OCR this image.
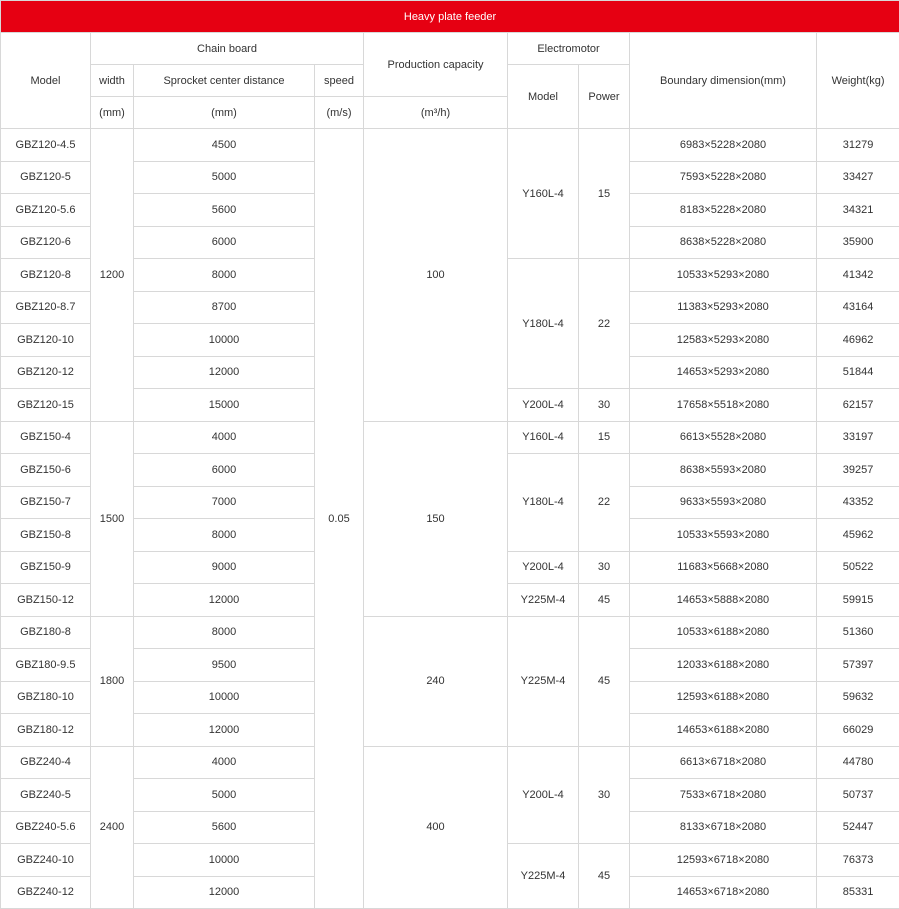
Heavy plate feeder								
Model	Chain board			Production capacity	Electromotor		Boundary dimension(mm)	Weight(kg)
	width	Sprocket center distance	speed		Model	Power		
	(mm)	(mm)	(m/s)	(m³/h)				
GBZ120-4.5	1200	4500	0.05	100	Y160L-4	15	6983×5228×2080	31279
GBZ120-5		5000					7593×5228×2080	33427
GBZ120-5.6		5600					8183×5228×2080	34321
GBZ120-6		6000					8638×5228×2080	35900
GBZ120-8		8000			Y180L-4	22	10533×5293×2080	41342
GBZ120-8.7		8700					11383×5293×2080	43164
GBZ120-10		10000					12583×5293×2080	46962
GBZ120-12		12000					14653×5293×2080	51844
GBZ120-15		15000			Y200L-4	30	17658×5518×2080	62157
GBZ150-4	1500	4000		150	Y160L-4	15	6613×5528×2080	33197
GBZ150-6		6000			Y180L-4	22	8638×5593×2080	39257
GBZ150-7		7000					9633×5593×2080	43352
GBZ150-8		8000					10533×5593×2080	45962
GBZ150-9		9000			Y200L-4	30	11683×5668×2080	50522
GBZ150-12		12000			Y225M-4	45	14653×5888×2080	59915
GBZ180-8	1800	8000		240	Y225M-4	45	10533×6188×2080	51360
GBZ180-9.5		9500					12033×6188×2080	57397
GBZ180-10		10000					12593×6188×2080	59632
GBZ180-12		12000					14653×6188×2080	66029
GBZ240-4	2400	4000		400	Y200L-4	30	6613×6718×2080	44780
GBZ240-5		5000					7533×6718×2080	50737
GBZ240-5.6		5600					8133×6718×2080	52447
GBZ240-10		10000			Y225M-4	45	12593×6718×2080	76373
GBZ240-12		12000					14653×6718×2080	85331
